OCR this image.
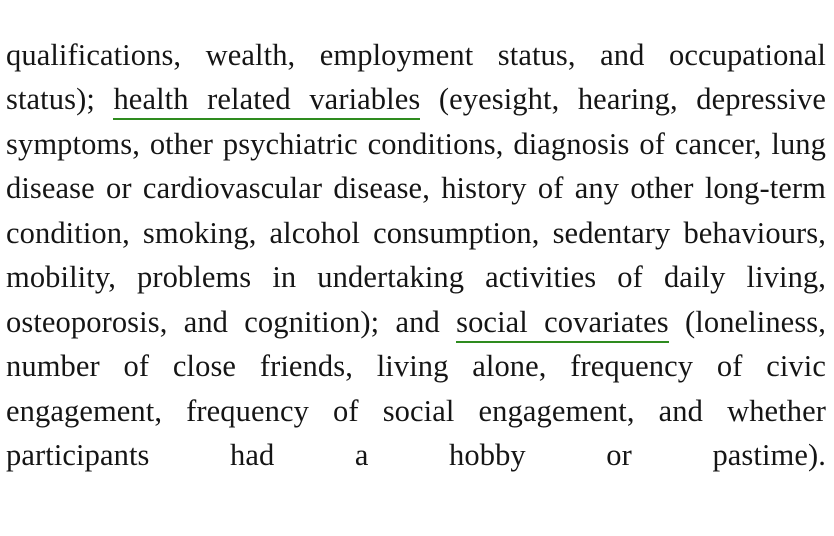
qualifications, wealth, employment status, and occupational status); health related variables (eyesight, hearing, depressive symptoms, other psychiatric conditions, diagnosis of cancer, lung disease or cardiovascular disease, history of any other long-term condition, smoking, alcohol consumption, sedentary behaviours, mobility, problems in undertaking activities of daily living, osteoporosis, and cognition); and social covariates (loneliness, number of close friends, living alone, frequency of civic engagement, frequency of social engagement, and whether participants had a hobby or pastime).
